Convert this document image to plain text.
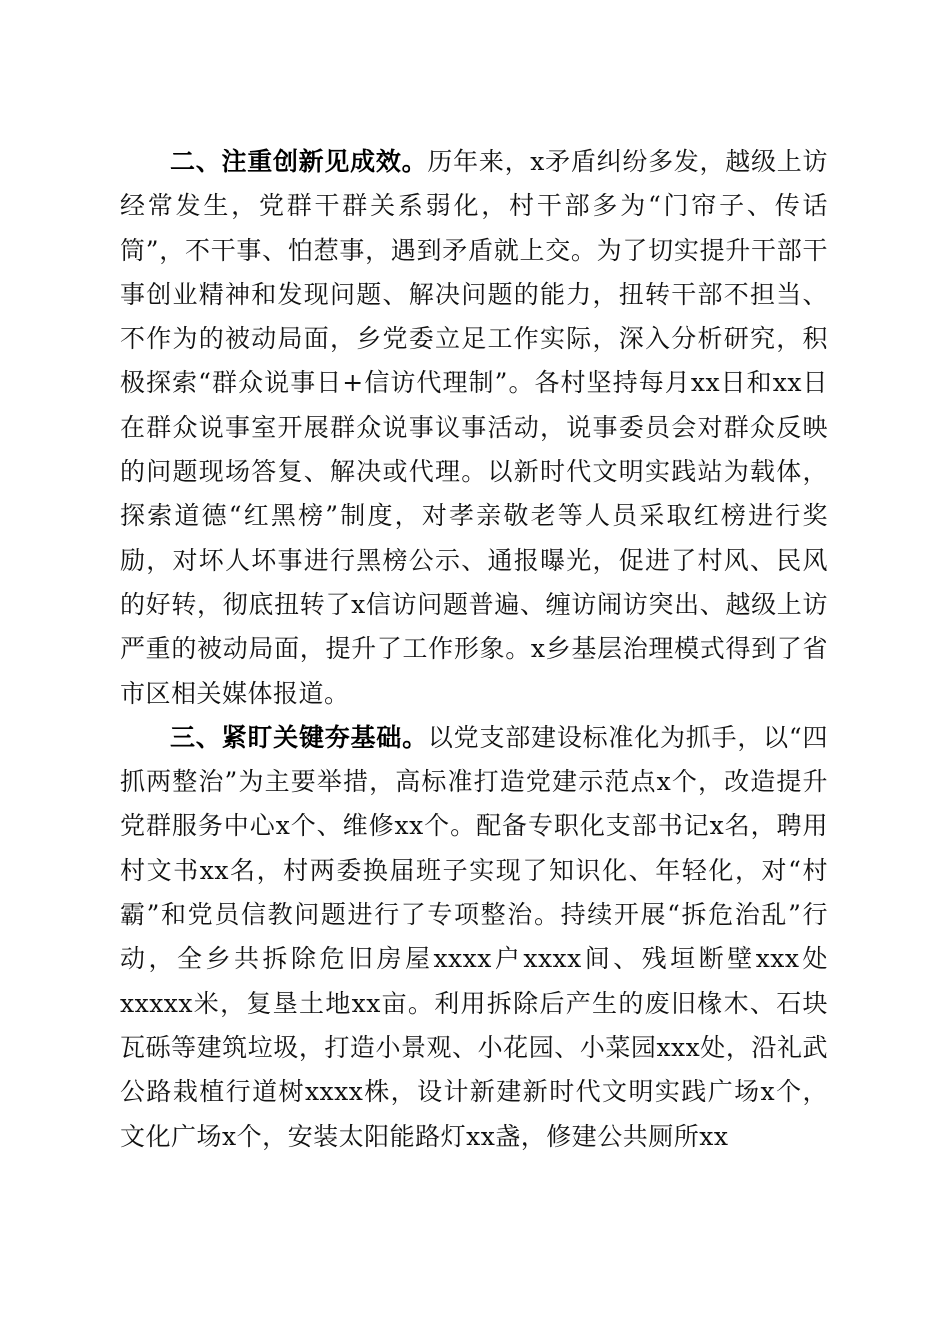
二、注重创新见成效。历年来，x矛盾纠纷多发，越级上访经常发生，党群干群关系弱化，村干部多为“门帘子、传话筒”，不干事、怕惹事，遇到矛盾就上交。为了切实提升干部干事创业精神和发现问题、解决问题的能力，扭转干部不担当、不作为的被动局面，乡党委立足工作实际，深入分析研究，积极探索“群众说事日+信访代理制”。各村坚持每月xx日和xx日在群众说事室开展群众说事议事活动，说事委员会对群众反映的问题现场答复、解决或代理。以新时代文明实践站为载体，探索道德“红黑榜”制度，对孝亲敬老等人员采取红榜进行奖励，对坏人坏事进行黑榜公示、通报曝光，促进了村风、民风的好转，彻底扭转了x信访问题普遍、缠访闹访突出、越级上访严重的被动局面，提升了工作形象。x乡基层治理模式得到了省市区相关媒体报道。

三、紧盯关键夯基础。以党支部建设标准化为抓手，以“四抓两整治”为主要举措，高标准打造党建示范点x个，改造提升党群服务中心x个、维修xx个。配备专职化支部书记x名，聘用村文书xx名，村两委换届班子实现了知识化、年轻化，对“村霸”和党员信教问题进行了专项整治。持续开展“拆危治乱”行动，全乡共拆除危旧房屋xxxx户xxxx间、残垣断壁xxx处xxxxx米，复垦土地xx亩。利用拆除后产生的废旧椽木、石块瓦砾等建筑垃圾，打造小景观、小花园、小菜园xxx处，沿礼武公路栽植行道树xxxx株，设计新建新时代文明实践广场x个，文化广场x个，安装太阳能路灯xx盏，修建公共厕所xx
